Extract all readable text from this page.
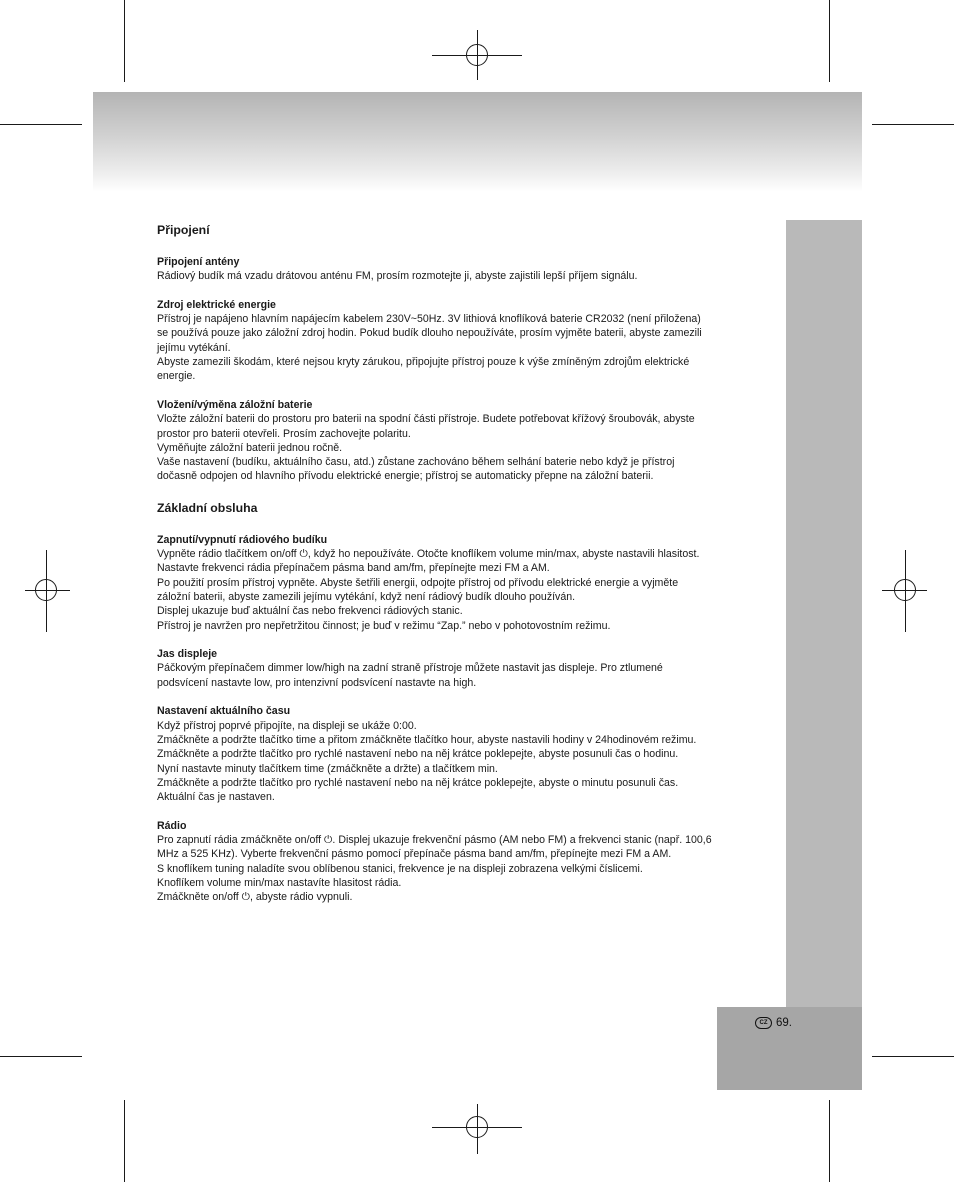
CZ 69.
Připojení
Připojení antény

Rádiový budík má vzadu drátovou anténu FM, prosím rozmotejte ji, abyste zajistili lepší příjem signálu.

Zdroj elektrické energie

Přístroj je napájeno hlavním napájecím kabelem 230V~50Hz. 3V lithiová knoflíková baterie CR2032 (není přiložena)

se používá pouze jako záložní zdroj hodin. Pokud budík dlouho nepoužíváte, prosím vyjměte baterii, abyste zamezili

jejímu vytékání.

Abyste zamezili škodám, které nejsou kryty zárukou, připojujte přístroj pouze k výše zmíněným zdrojům elektrické

energie.

Vložení/výměna záložní baterie

Vložte záložní baterii do prostoru pro baterii na spodní části přístroje. Budete potřebovat křížový šroubovák, abyste

prostor pro baterii otevřeli. Prosím zachovejte polaritu.

Vyměňujte záložní baterii jednou ročně.

Vaše nastavení (budíku, aktuálního času, atd.) zůstane zachováno během selhání baterie nebo když je přístroj

dočasně odpojen od hlavního přívodu elektrické energie; přístroj se automaticky přepne na záložní baterii.

Základní obsluha
Zapnutí/vypnutí rádiového budíku

Vypněte rádio tlačítkem on/off ⏻, když ho nepoužíváte. Otočte knoflíkem volume min/max, abyste nastavili hlasitost.

Nastavte frekvenci rádia přepínačem pásma band am/fm, přepínejte mezi FM a AM.

Po použití prosím přístroj vypněte. Abyste šetřili energii, odpojte přístroj od přívodu elektrické energie a vyjměte

záložní baterii, abyste zamezili jejímu vytékání, když není rádiový budík dlouho používán.

Displej ukazuje buď aktuální čas nebo frekvenci rádiových stanic.

Přístroj je navržen pro nepřetržitou činnost; je buď v režimu “Zap.” nebo v pohotovostním režimu.

Jas displeje

Páčkovým přepínačem dimmer low/high na zadní straně přístroje můžete nastavit jas displeje. Pro ztlumené

podsvícení nastavte low, pro intenzivní podsvícení nastavte na high.

Nastavení aktuálního času

Když přístroj poprvé připojíte, na displeji se ukáže 0:00.

Zmáčkněte a podržte tlačítko time a přitom zmáčkněte tlačítko hour, abyste nastavili hodiny v 24hodinovém režimu.

Zmáčkněte a podržte tlačítko pro rychlé nastavení nebo na něj krátce poklepejte, abyste posunuli čas o hodinu.

Nyní nastavte minuty tlačítkem time (zmáčkněte a držte) a tlačítkem min.

Zmáčkněte a podržte tlačítko pro rychlé nastavení nebo na něj krátce poklepejte, abyste o minutu posunuli čas.

Aktuální čas je nastaven.

Rádio

Pro zapnutí rádia zmáčkněte on/off ⏻. Displej ukazuje frekvenční pásmo (AM nebo FM) a frekvenci stanic (např. 100,6

MHz a 525 KHz). Vyberte frekvenční pásmo pomocí přepínače pásma band am/fm, přepínejte mezi FM a AM.

S knoflíkem tuning naladíte svou oblíbenou stanici, frekvence je na displeji zobrazena velkými číslicemi.

Knoflíkem volume min/max nastavíte hlasitost rádia.

Zmáčkněte on/off ⏻, abyste rádio vypnuli.
